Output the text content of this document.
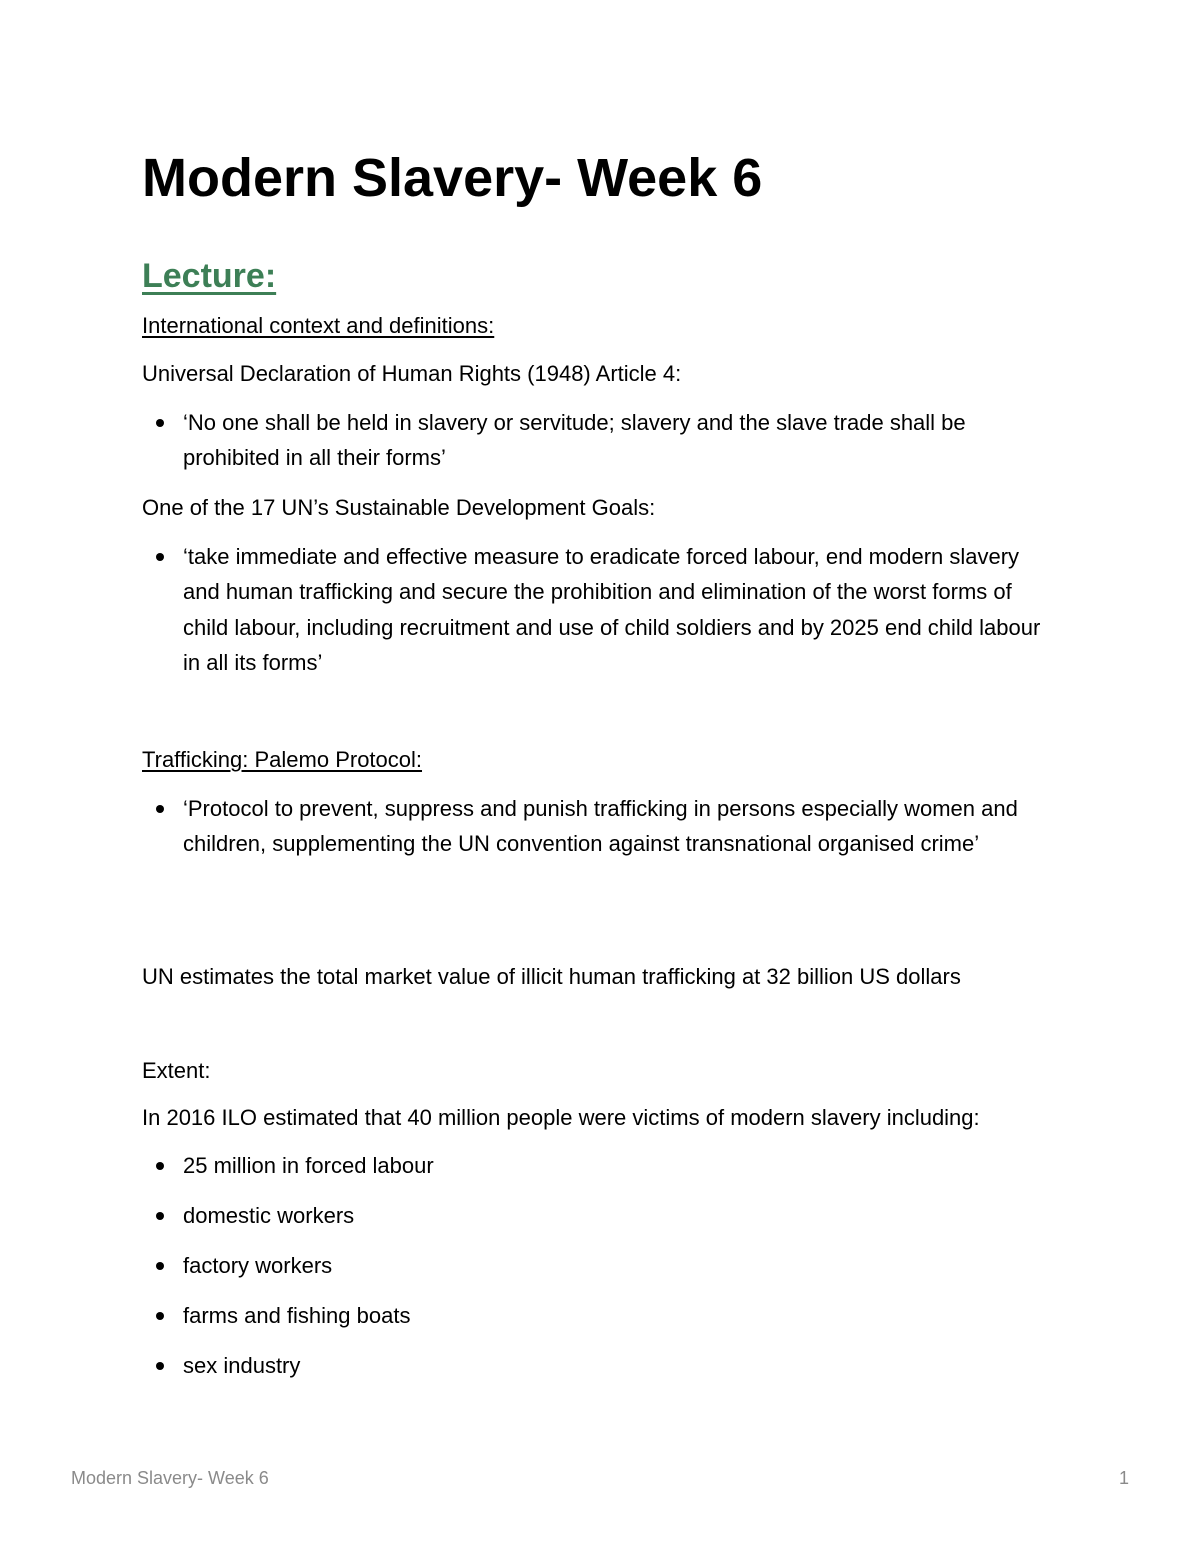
Modern Slavery- Week 6
Lecture:

International context and definitions:

Universal Declaration of Human Rights (1948) Article 4:

‘No one shall be held in slavery or servitude; slavery and the slave trade shall be prohibited in all their forms’

One of the 17 UN’s Sustainable Development Goals:

‘take immediate and effective measure to eradicate forced labour, end modern slavery and human trafficking and secure the prohibition and elimination of the worst forms of child labour, including recruitment and use of child soldiers and by 2025 end child labour in all its forms’

Trafficking: Palemo Protocol:

‘Protocol to prevent, suppress and punish trafficking in persons especially women and children, supplementing the UN convention against transnational organised crime’

UN estimates the total market value of illicit human trafficking at 32 billion US dollars

Extent:

In 2016 ILO estimated that 40 million people were victims of modern slavery including:

25 million in forced labour
domestic workers
factory workers
farms and fishing boats
sex industry
Modern Slavery- Week 6	1
